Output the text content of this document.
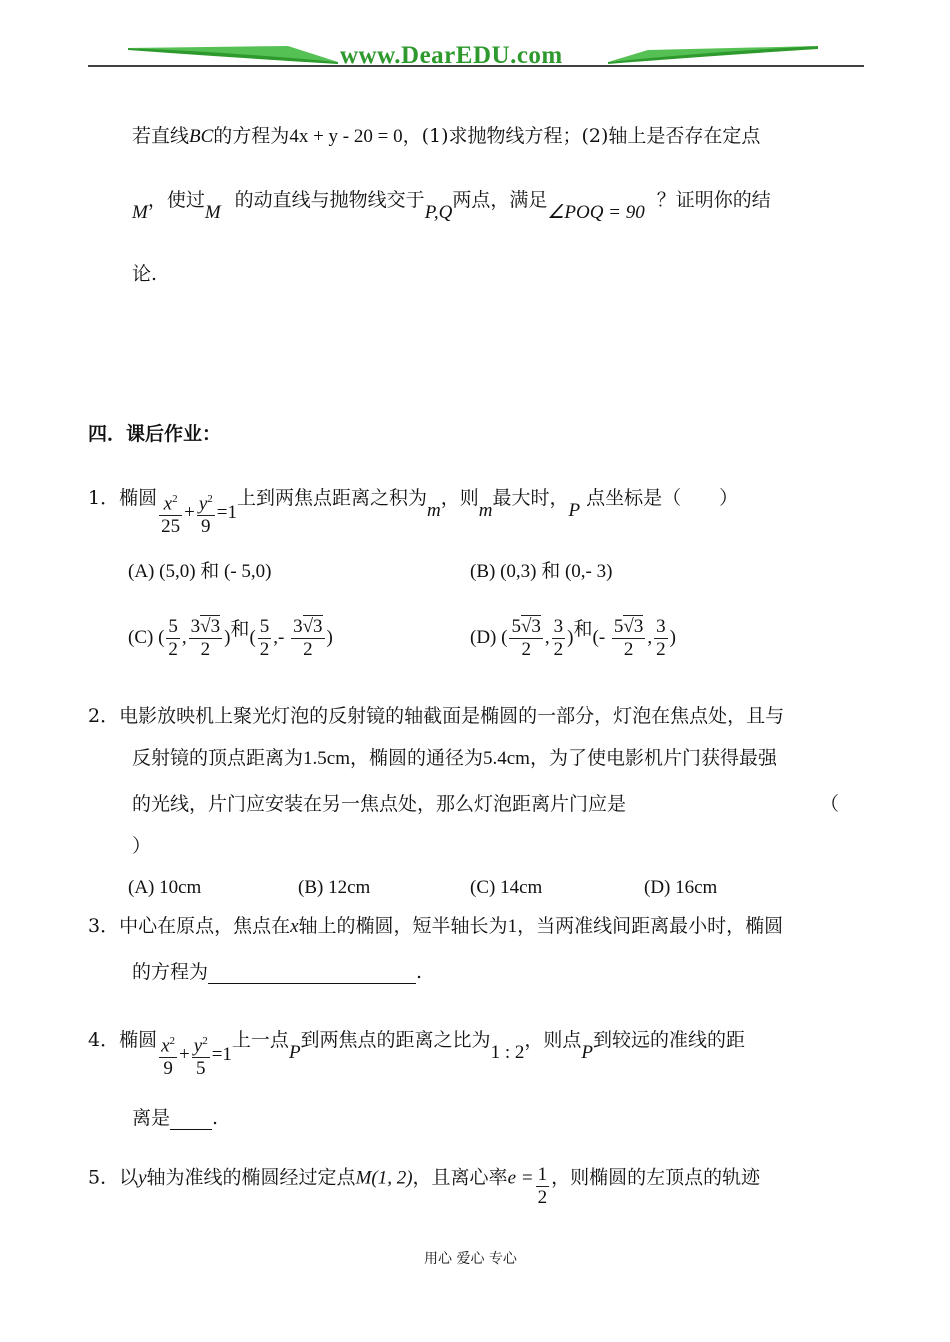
www.DearEDU.com
若直线BC的方程为4x + y - 20 = 0，(1)求抛物线方程；(2)轴上是否存在定点
M，使过M的动直线与抛物线交于P,Q两点，满足∠POQ = 90？证明你的结
论.
四．课后作业：
1．椭圆 $\frac{x^2}{25} + \frac{y^2}{9} =1$上到两焦点距离之积为m，则m最大时，P点坐标是（　　）
(A) (5,0) 和 (- 5,0)	(B) (0,3) 和 (0,- 3)
(C) ( $\frac{5}{2}$ , $\frac{3√3}{2}$ )和( $\frac{5}{2}$ ,- $\frac{3√3}{2}$ )	(D) ( $\frac{5√3}{2}$ , $\frac{3}{2}$ )和(- $\frac{5√3}{2}$ , $\frac{3}{2}$ )
2．电影放映机上聚光灯泡的反射镜的轴截面是椭圆的一部分，灯泡在焦点处，且与
反射镜的顶点距离为1.5cm，椭圆的通径为5.4cm，为了使电影机片门获得最强
的光线，片门应安装在另一焦点处，那么灯泡距离片门应是	（
）
(A) 10cm	(B) 12cm	(C) 14cm	(D) 16cm
3．中心在原点，焦点在x轴上的椭圆，短半轴长为1，当两准线间距离最小时，椭圆
的方程为	.
4．椭圆 $\frac{x^2}{9} + \frac{y^2}{5} =1$上一点P到两焦点的距离之比为1 : 2，则点P到较远的准线的距
离是 .
5．以y轴为准线的椭圆经过定点M(1, 2)，且离心率$e = \frac{1}{2}$ ，则椭圆的左顶点的轨迹
用心 爱心 专心
